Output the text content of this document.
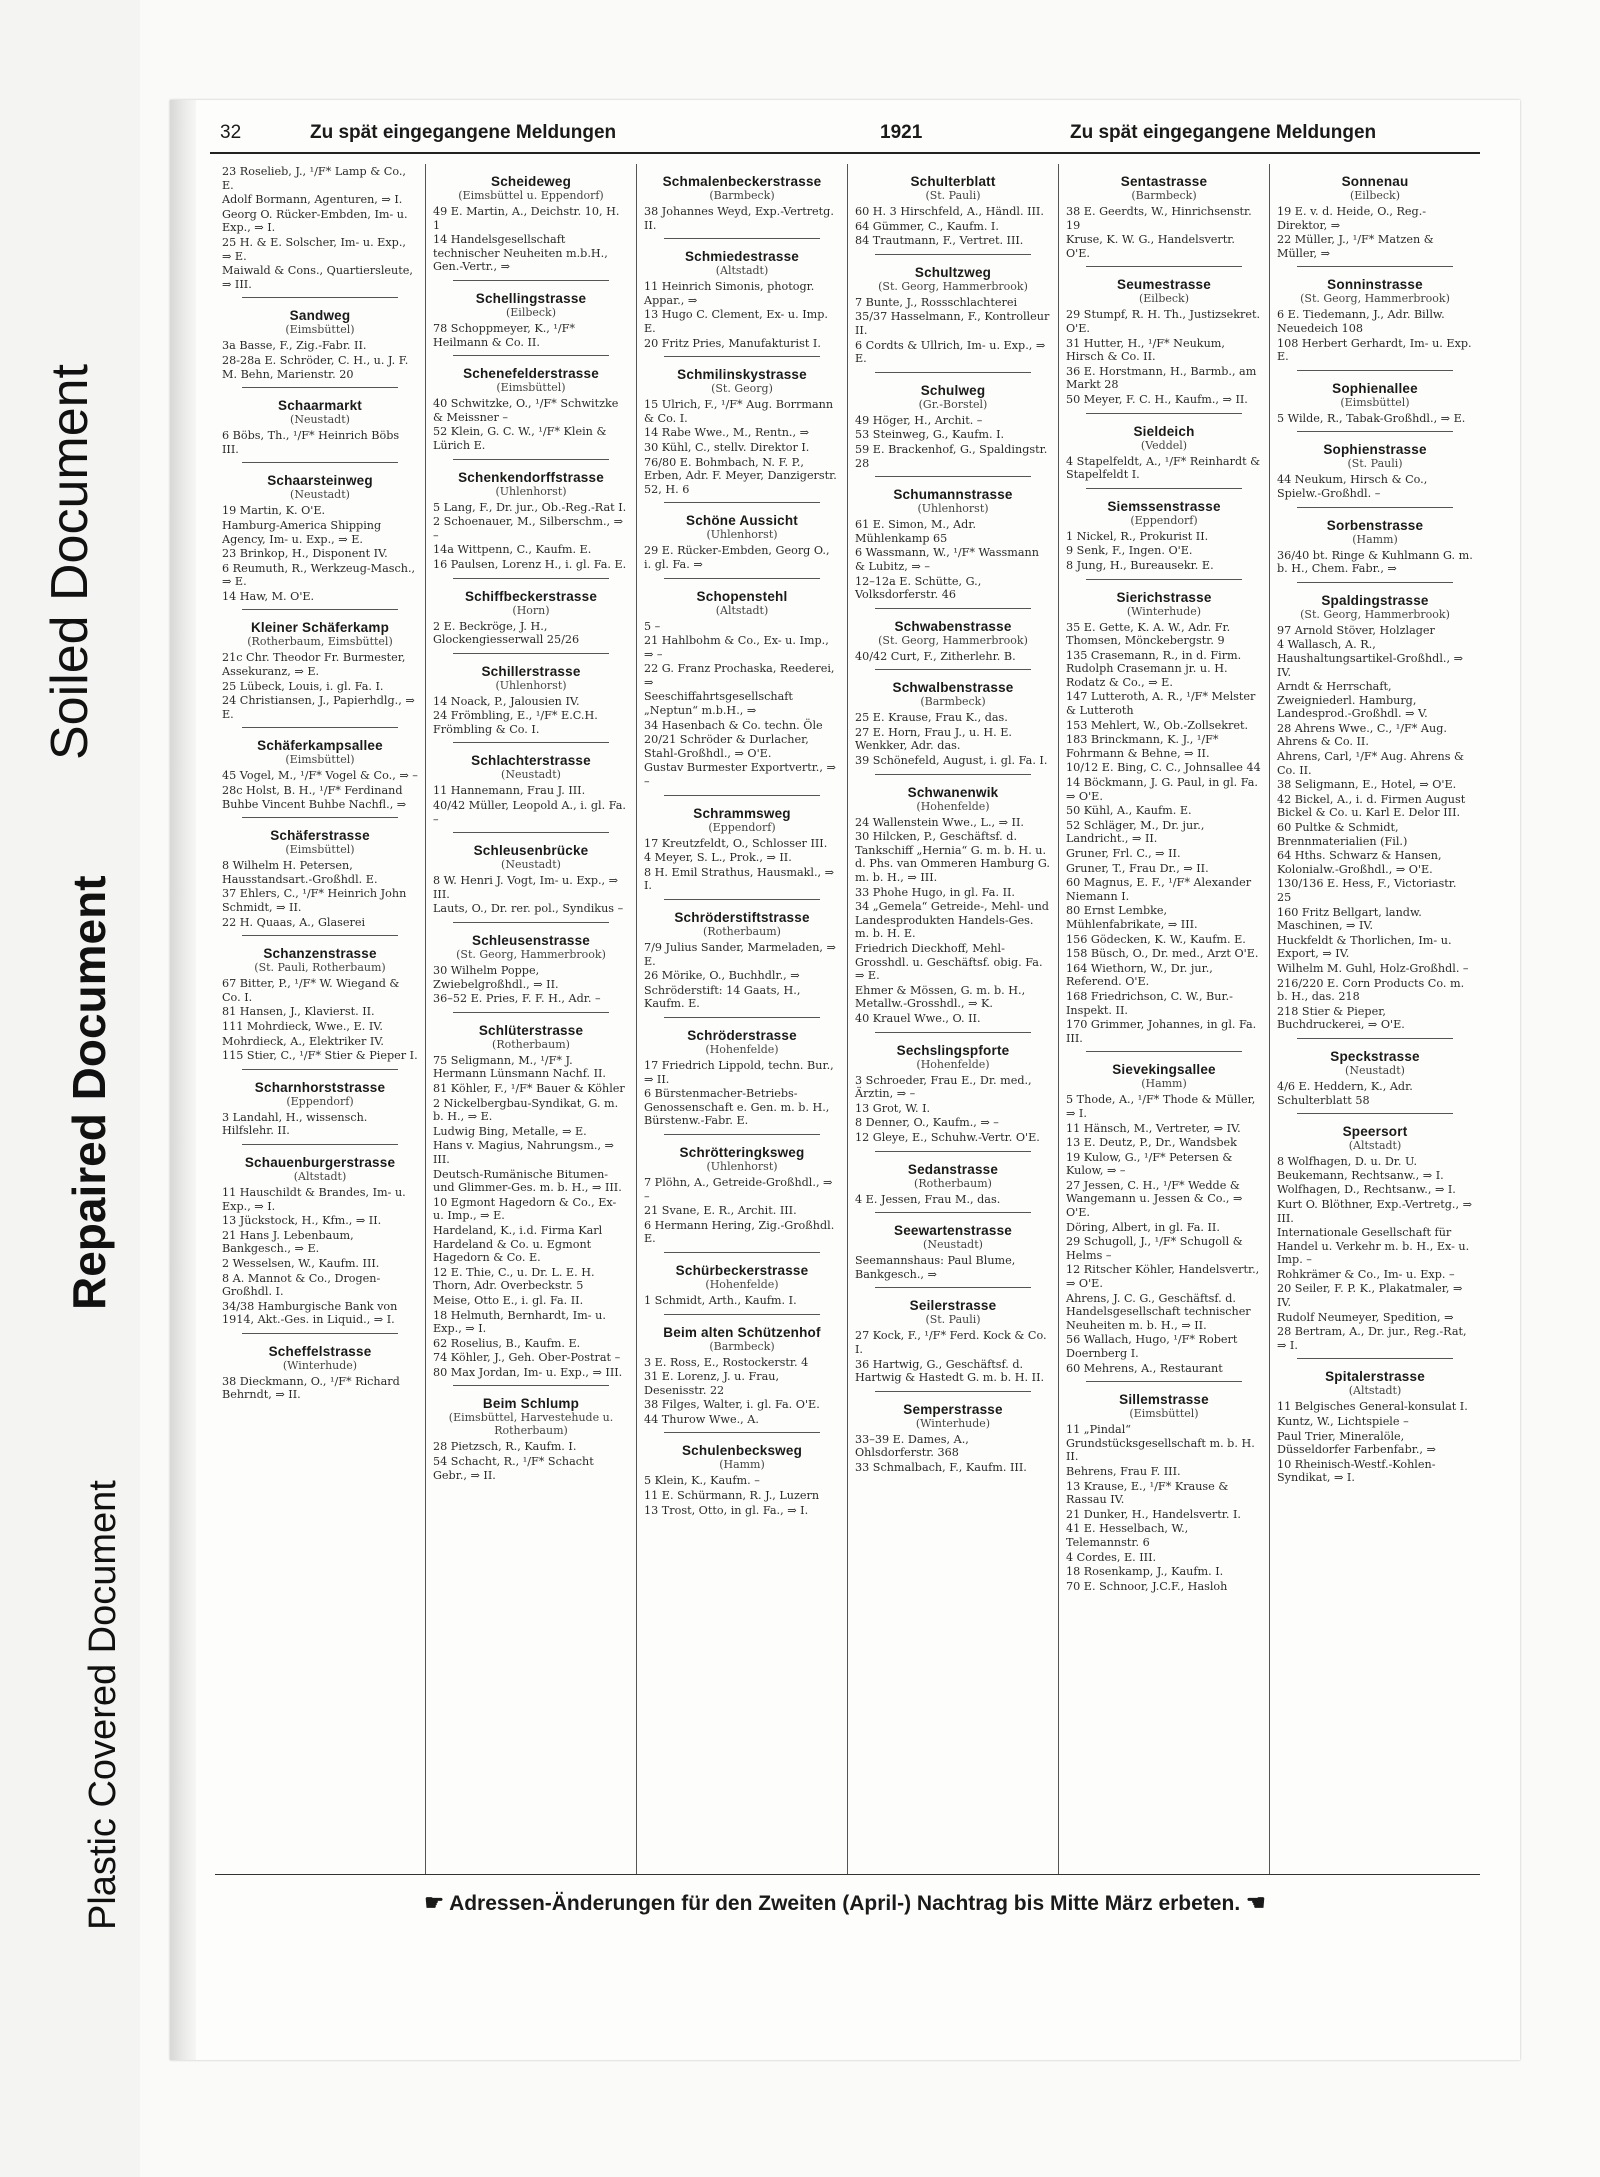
Soiled Document
Repaired Document
Plastic Covered Document
32	Zu spät eingegangene Meldungen	1921	Zu spät eingegangene Meldungen
23 Roselieb, J., ¹/F* Lamp & Co., E.
Adolf Bormann, Agenturen, ⇒ I.
Georg O. Rücker-Embden, Im- u. Exp., ⇒ I.
25 H. & E. Solscher, Im- u. Exp., ⇒ E.
Maiwald & Cons., Quartiersleute, ⇒ III.
Sandweg
(Eimsbüttel)
3a Basse, F., Zig.-Fabr. II.
28-28a E. Schröder, C. H., u. J. F. M. Behn, Marienstr. 20
Schaarmarkt
(Neustadt)
6 Böbs, Th., ¹/F* Heinrich Böbs III.
Schaarsteinweg
(Neustadt)
19 Martin, K. O'E.
Hamburg-America Shipping Agency, Im- u. Exp., ⇒ E.
23 Brinkop, H., Disponent IV.
6 Reumuth, R., Werkzeug-Masch., ⇒ E.
14 Haw, M. O'E.
Kleiner Schäferkamp
(Rotherbaum, Eimsbüttel)
21c Chr. Theodor Fr. Burmester, Assekuranz, ⇒ E.
25 Lübeck, Louis, i. gl. Fa. I.
24 Christiansen, J., Papierhdlg., ⇒ E.
Schäferkampsallee
(Eimsbüttel)
45 Vogel, M., ¹/F* Vogel & Co., ⇒ –
28c Holst, B. H., ¹/F* Ferdinand Buhbe Vincent Buhbe Nachfl., ⇒
Schäferstrasse
(Eimsbüttel)
8 Wilhelm H. Petersen, Hausstandsart.-Großhdl. E.
37 Ehlers, C., ¹/F* Heinrich John Schmidt, ⇒ II.
22 H. Quaas, A., Glaserei
Schanzenstrasse
(St. Pauli, Rotherbaum)
67 Bitter, P., ¹/F* W. Wiegand & Co. I.
81 Hansen, J., Klavierst. II.
111 Mohrdieck, Wwe., E. IV.
Mohrdieck, A., Elektriker IV.
115 Stier, C., ¹/F* Stier & Pieper I.
Scharnhorststrasse
(Eppendorf)
3 Landahl, H., wissensch. Hilfslehr. II.
Schauenburgerstrasse
(Altstadt)
11 Hauschildt & Brandes, Im- u. Exp., ⇒ I.
13 Jückstock, H., Kfm., ⇒ II.
21 Hans J. Lebenbaum, Bankgesch., ⇒ E.
2 Wesselsen, W., Kaufm. III.
8 A. Mannot & Co., Drogen-Großhdl. I.
34/38 Hamburgische Bank von 1914, Akt.-Ges. in Liquid., ⇒ I.
Scheffelstrasse
(Winterhude)
38 Dieckmann, O., ¹/F* Richard Behrndt, ⇒ II.
Scheideweg
(Eimsbüttel u. Eppendorf)
49 E. Martin, A., Deichstr. 10, H. 1
14 Handelsgesellschaft technischer Neuheiten m.b.H., Gen.-Vertr., ⇒
Schellingstrasse
(Eilbeck)
78 Schoppmeyer, K., ¹/F* Heilmann & Co. II.
Schenefelderstrasse
(Eimsbüttel)
40 Schwitzke, O., ¹/F* Schwitzke & Meissner –
52 Klein, G. C. W., ¹/F* Klein & Lürich E.
Schenkendorffstrasse
(Uhlenhorst)
5 Lang, F., Dr. jur., Ob.-Reg.-Rat I.
2 Schoenauer, M., Silberschm., ⇒ –
14a Wittpenn, C., Kaufm. E.
16 Paulsen, Lorenz H., i. gl. Fa. E.
Schiffbeckerstrasse
(Horn)
2 E. Beckröge, J. H., Glockengiesserwall 25/26
Schillerstrasse
(Uhlenhorst)
14 Noack, P., Jalousien IV.
24 Frömbling, E., ¹/F* E.C.H. Frömbling & Co. I.
Schlachterstrasse
(Neustadt)
11 Hannemann, Frau J. III.
40/42 Müller, Leopold A., i. gl. Fa. –
Schleusenbrücke
(Neustadt)
8 W. Henri J. Vogt, Im- u. Exp., ⇒ III.
Lauts, O., Dr. rer. pol., Syndikus –
Schleusenstrasse
(St. Georg, Hammerbrook)
30 Wilhelm Poppe, Zwiebelgroßhdl., ⇒ II.
36–52 E. Pries, F. F. H., Adr. –
Schlüterstrasse
(Rotherbaum)
75 Seligmann, M., ¹/F* J. Hermann Lünsmann Nachf. II.
81 Köhler, F., ¹/F* Bauer & Köhler
2 Nickelbergbau-Syndikat, G. m. b. H., ⇒ E.
Ludwig Bing, Metalle, ⇒ E.
Hans v. Magius, Nahrungsm., ⇒ III.
Deutsch-Rumänische Bitumen- und Glimmer-Ges. m. b. H., ⇒ III.
10 Egmont Hagedorn & Co., Ex- u. Imp., ⇒ E.
Hardeland, K., i.d. Firma Karl Hardeland & Co. u. Egmont Hagedorn & Co. E.
12 E. Thie, C., u. Dr. L. E. H. Thorn, Adr. Overbeckstr. 5
Meise, Otto E., i. gl. Fa. II.
18 Helmuth, Bernhardt, Im- u. Exp., ⇒ I.
62 Roselius, B., Kaufm. E.
74 Köhler, J., Geh. Ober-Postrat –
80 Max Jordan, Im- u. Exp., ⇒ III.
Beim Schlump
(Eimsbüttel, Harvestehude u. Rotherbaum)
28 Pietzsch, R., Kaufm. I.
54 Schacht, R., ¹/F* Schacht Gebr., ⇒ II.
Schmalenbeckerstrasse
(Barmbeck)
38 Johannes Weyd, Exp.-Vertretg. II.
Schmiedestrasse
(Altstadt)
11 Heinrich Simonis, photogr. Appar., ⇒
13 Hugo C. Clement, Ex- u. Imp. E.
20 Fritz Pries, Manufakturist I.
Schmilinskystrasse
(St. Georg)
15 Ulrich, F., ¹/F* Aug. Borrmann & Co. I.
14 Rabe Wwe., M., Rentn., ⇒
30 Kühl, C., stellv. Direktor I.
76/80 E. Bohmbach, N. F. P., Erben, Adr. F. Meyer, Danzigerstr. 52, H. 6
Schöne Aussicht
(Uhlenhorst)
29 E. Rücker-Embden, Georg O., i. gl. Fa. ⇒
Schopenstehl
(Altstadt)
5 –
21 Hahlbohm & Co., Ex- u. Imp., ⇒ –
22 G. Franz Prochaska, Reederei, ⇒
Seeschiffahrtsgesellschaft „Neptun“ m.b.H., ⇒
34 Hasenbach & Co. techn. Öle
20/21 Schröder & Durlacher, Stahl-Großhdl., ⇒ O'E.
Gustav Burmester Exportvertr., ⇒ –
Schrammsweg
(Eppendorf)
17 Kreutzfeldt, O., Schlosser III.
4 Meyer, S. L., Prok., ⇒ II.
8 H. Emil Strathus, Hausmakl., ⇒ I.
Schröderstiftstrasse
(Rotherbaum)
7/9 Julius Sander, Marmeladen, ⇒ E.
26 Mörike, O., Buchhdlr., ⇒
Schröderstift: 14 Gaats, H., Kaufm. E.
Schröderstrasse
(Hohenfelde)
17 Friedrich Lippold, techn. Bur., ⇒ II.
6 Bürstenmacher-Betriebs-Genossenschaft e. Gen. m. b. H., Bürstenw.-Fabr. E.
Schrötteringksweg
(Uhlenhorst)
7 Plöhn, A., Getreide-Großhdl., ⇒ –
21 Svane, E. R., Archit. III.
6 Hermann Hering, Zig.-Großhdl. E.
Schürbeckerstrasse
(Hohenfelde)
1 Schmidt, Arth., Kaufm. I.
Beim alten Schützenhof
(Barmbeck)
3 E. Ross, E., Rostockerstr. 4
31 E. Lorenz, J. u. Frau, Desenisstr. 22
38 Filges, Walter, i. gl. Fa. O'E.
44 Thurow Wwe., A.
Schulenbecksweg
(Hamm)
5 Klein, K., Kaufm. –
11 E. Schürmann, R. J., Luzern
13 Trost, Otto, in gl. Fa., ⇒ I.
Schulterblatt
(St. Pauli)
60 H. 3 Hirschfeld, A., Händl. III.
64 Gümmer, C., Kaufm. I.
84 Trautmann, F., Vertret. III.
Schultzweg
(St. Georg, Hammerbrook)
7 Bunte, J., Rossschlachterei
35/37 Hasselmann, F., Kontrolleur II.
6 Cordts & Ullrich, Im- u. Exp., ⇒ E.
Schulweg
(Gr.-Borstel)
49 Höger, H., Archit. –
53 Steinweg, G., Kaufm. I.
59 E. Brackenhof, G., Spaldingstr. 28
Schumannstrasse
(Uhlenhorst)
61 E. Simon, M., Adr. Mühlenkamp 65
6 Wassmann, W., ¹/F* Wassmann & Lubitz, ⇒ –
12–12a E. Schütte, G., Volksdorferstr. 46
Schwabenstrasse
(St. Georg, Hammerbrook)
40/42 Curt, F., Zitherlehr. B.
Schwalbenstrasse
(Barmbeck)
25 E. Krause, Frau K., das.
27 E. Horn, Frau J., u. H. E. Wenkker, Adr. das.
39 Schönefeld, August, i. gl. Fa. I.
Schwanenwik
(Hohenfelde)
24 Wallenstein Wwe., L., ⇒ II.
30 Hilcken, P., Geschäftsf. d. Tankschiff „Hernia“ G. m. b. H. u. d. Phs. van Ommeren Hamburg G. m. b. H., ⇒ III.
33 Phohe Hugo, in gl. Fa. II.
34 „Gemela“ Getreide-, Mehl- und Landesprodukten Handels-Ges. m. b. H. E.
Friedrich Dieckhoff, Mehl-Grosshdl. u. Geschäftsf. obig. Fa. ⇒ E.
Ehmer & Mössen, G. m. b. H., Metallw.-Grosshdl., ⇒ K.
40 Krauel Wwe., O. II.
Sechslingspforte
(Hohenfelde)
3 Schroeder, Frau E., Dr. med., Ärztin, ⇒ –
13 Grot, W. I.
8 Denner, O., Kaufm., ⇒ –
12 Gleye, E., Schuhw.-Vertr. O'E.
Sedanstrasse
(Rotherbaum)
4 E. Jessen, Frau M., das.
Seewartenstrasse
(Neustadt)
Seemannshaus: Paul Blume, Bankgesch., ⇒
Seilerstrasse
(St. Pauli)
27 Kock, F., ¹/F* Ferd. Kock & Co. I.
36 Hartwig, G., Geschäftsf. d. Hartwig & Hastedt G. m. b. H. II.
Semperstrasse
(Winterhude)
33–39 E. Dames, A., Ohlsdorferstr. 368
33 Schmalbach, F., Kaufm. III.
Sentastrasse
(Barmbeck)
38 E. Geerdts, W., Hinrichsenstr. 19
Kruse, K. W. G., Handelsvertr. O'E.
Seumestrasse
(Eilbeck)
29 Stumpf, R. H. Th., Justizsekret. O'E.
31 Hutter, H., ¹/F* Neukum, Hirsch & Co. II.
36 E. Horstmann, H., Barmb., am Markt 28
50 Meyer, F. C. H., Kaufm., ⇒ II.
Sieldeich
(Veddel)
4 Stapelfeldt, A., ¹/F* Reinhardt & Stapelfeldt I.
Siemssenstrasse
(Eppendorf)
1 Nickel, R., Prokurist II.
9 Senk, F., Ingen. O'E.
8 Jung, H., Bureausekr. E.
Sierichstrasse
(Winterhude)
35 E. Gette, K. A. W., Adr. Fr. Thomsen, Mönckebergstr. 9
135 Crasemann, R., in d. Firm. Rudolph Crasemann jr. u. H. Rodatz & Co., ⇒ E.
147 Lutteroth, A. R., ¹/F* Melster & Lutteroth
153 Mehlert, W., Ob.-Zollsekret.
183 Brinckmann, K. J., ¹/F* Fohrmann & Behne, ⇒ II.
10/12 E. Bing, C. C., Johnsallee 44
14 Böckmann, J. G. Paul, in gl. Fa. ⇒ O'E.
50 Kühl, A., Kaufm. E.
52 Schläger, M., Dr. jur., Landricht., ⇒ II.
Gruner, Frl. C., ⇒ II.
Gruner, T., Frau Dr., ⇒ II.
60 Magnus, E. F., ¹/F* Alexander Niemann I.
80 Ernst Lembke, Mühlenfabrikate, ⇒ III.
156 Gödecken, K. W., Kaufm. E.
158 Büsch, O., Dr. med., Arzt O'E.
164 Wiethorn, W., Dr. jur., Referend. O'E.
168 Friedrichson, C. W., Bur.-Inspekt. II.
170 Grimmer, Johannes, in gl. Fa. III.
Sievekingsallee
(Hamm)
5 Thode, A., ¹/F* Thode & Müller, ⇒ I.
11 Hänsch, M., Vertreter, ⇒ IV.
13 E. Deutz, P., Dr., Wandsbek
19 Kulow, G., ¹/F* Petersen & Kulow, ⇒ –
27 Jessen, C. H., ¹/F* Wedde & Wangemann u. Jessen & Co., ⇒ O'E.
Döring, Albert, in gl. Fa. II.
29 Schugoll, J., ¹/F* Schugoll & Helms –
12 Ritscher Köhler, Handelsvertr., ⇒ O'E.
Ahrens, J. C. G., Geschäftsf. d. Handelsgesellschaft technischer Neuheiten m. b. H., ⇒ II.
56 Wallach, Hugo, ¹/F* Robert Doernberg I.
60 Mehrens, A., Restaurant
Sillemstrasse
(Eimsbüttel)
11 „Pindal“ Grundstücksgesellschaft m. b. H. II.
Behrens, Frau F. III.
13 Krause, E., ¹/F* Krause & Rassau IV.
21 Dunker, H., Handelsvertr. I.
41 E. Hesselbach, W., Telemannstr. 6
4 Cordes, E. III.
18 Rosenkamp, J., Kaufm. I.
70 E. Schnoor, J.C.F., Hasloh
Sonnenau
(Eilbeck)
19 E. v. d. Heide, O., Reg.-Direktor, ⇒
22 Müller, J., ¹/F* Matzen & Müller, ⇒
Sonninstrasse
(St. Georg, Hammerbrook)
6 E. Tiedemann, J., Adr. Billw. Neuedeich 108
108 Herbert Gerhardt, Im- u. Exp. E.
Sophienallee
(Eimsbüttel)
5 Wilde, R., Tabak-Großhdl., ⇒ E.
Sophienstrasse
(St. Pauli)
44 Neukum, Hirsch & Co., Spielw.-Großhdl. –
Sorbenstrasse
(Hamm)
36/40 bt. Ringe & Kuhlmann G. m. b. H., Chem. Fabr., ⇒
Spaldingstrasse
(St. Georg, Hammerbrook)
97 Arnold Stöver, Holzlager
4 Wallasch, A. R., Haushaltungsartikel-Großhdl., ⇒ IV.
Arndt & Herrschaft, Zweigniederl. Hamburg, Landesprod.-Großhdl. ⇒ V.
28 Ahrens Wwe., C., ¹/F* Aug. Ahrens & Co. II.
Ahrens, Carl, ¹/F* Aug. Ahrens & Co. II.
38 Seligmann, E., Hotel, ⇒ O'E.
42 Bickel, A., i. d. Firmen August Bickel & Co. u. Karl E. Delor III.
60 Pultke & Schmidt, Brennmaterialien (Fil.)
64 Hths. Schwarz & Hansen, Kolonialw.-Großhdl., ⇒ O'E.
130/136 E. Hess, F., Victoriastr. 25
160 Fritz Bellgart, landw. Maschinen, ⇒ IV.
Huckfeldt & Thorlichen, Im- u. Export, ⇒ IV.
Wilhelm M. Guhl, Holz-Großhdl. –
216/220 E. Corn Products Co. m. b. H., das. 218
218 Stier & Pieper, Buchdruckerei, ⇒ O'E.
Speckstrasse
(Neustadt)
4/6 E. Heddern, K., Adr. Schulterblatt 58
Speersort
(Altstadt)
8 Wolfhagen, D. u. Dr. U. Beukemann, Rechtsanw., ⇒ I.
Wolfhagen, D., Rechtsanw., ⇒ I.
Kurt O. Blöthner, Exp.-Vertretg., ⇒ III.
Internationale Gesellschaft für Handel u. Verkehr m. b. H., Ex- u. Imp. –
Rohkrämer & Co., Im- u. Exp. –
20 Seiler, F. P. K., Plakatmaler, ⇒ IV.
Rudolf Neumeyer, Spedition, ⇒
28 Bertram, A., Dr. jur., Reg.-Rat, ⇒ I.
Spitalerstrasse
(Altstadt)
11 Belgisches General-konsulat I.
Kuntz, W., Lichtspiele –
Paul Trier, Mineralöle, Düsseldorfer Farbenfabr., ⇒
10 Rheinisch-Westf.-Kohlen-Syndikat, ⇒ I.
☛ Adressen-Änderungen für den Zweiten (April-) Nachtrag bis Mitte März erbeten. ☚
